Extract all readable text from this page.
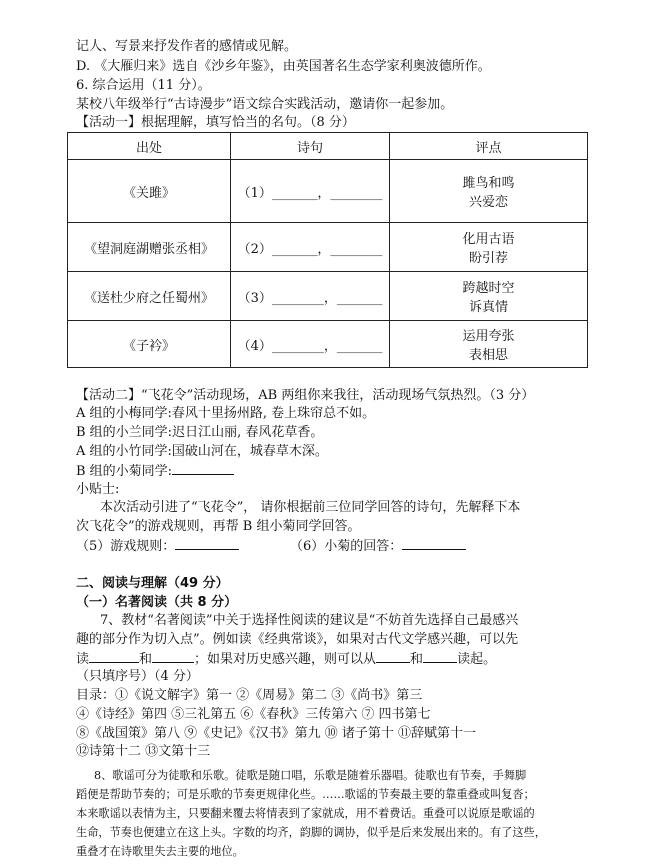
记人、写景来抒发作者的感情或见解。
D. 《大雁归来》选自《沙乡年鉴》，由英国著名生态学家利奥波德所作。
6. 综合运用（11 分）。
某校八年级举行“古诗漫步”语文综合实践活动，邀请你一起参加。
【活动一】根据理解，填写恰当的名句。（8 分）
出处	诗句	评点
《关雎》	（1）_______，________	雎鸟和鸣
兴爱恋

《望洞庭湖赠张丞相》	（2）_______，________	化用古语
盼引荐

《送杜少府之任蜀州》	（3）________，_______	跨越时空
诉真情

《子衿》	（4）________，_______	运用夸张
表相思
【活动二】“飞花令”活动现场，AB 两组你来我往，活动现场气氛热烈。（3 分）
A 组的小梅同学:春风十里扬州路, 卷上珠帘总不如。
B 组的小兰同学:迟日江山丽, 春风花草香。
A 组的小竹同学:国破山河在，城春草木深。
B 组的小菊同学:
小贴士:
本次活动引进了“飞花令”， 请你根据前三位同学回答的诗句，先解释下本
次飞花令”的游戏规则，再帮 B 组小菊同学回答。
（5）游戏规则：	（6）小菊的回答：
二、阅读与理解（49 分）
（一）名著阅读（共 8 分）
7、教材“名著阅读”中关于选择性阅读的建议是“不妨首先选择自己最感兴
趣的部分作为切入点”。例如读《经典常谈》，如果对古代文学感兴趣，可以先
读	和	；如果对历史感兴趣，则可以从	和	读起。
（只填序号）（4 分）
目录：①《说文解字》第一 ②《周易》第二 ③《尚书》第三
④《诗经》第四 ⑤三礼第五 ⑥《春秋》三传第六 ⑦ 四书第七
⑧《战国策》第八 ⑨《史记》《汉书》第九 ⑩ 诸子第十 ⑪辞赋第十一
⑫诗第十二 ⑬文第十三
8、歌谣可分为徒歌和乐歌。徒歌是随口唱，乐歌是随着乐器唱。徒歌也有节奏，手舞脚
蹈便是帮助节奏的；可是乐歌的节奏更规律化些。……歌谣的节奏最主要的靠重叠或叫复沓；
本来歌谣以表情为主，只要翻来覆去将情表到了家就成，用不着费话。重叠可以说原是歌谣的
生命，节奏也便建立在这上头。字数的均齐，韵脚的调协，似乎是后来发展出来的。有了这些，
重叠才在诗歌里失去主要的地位。
